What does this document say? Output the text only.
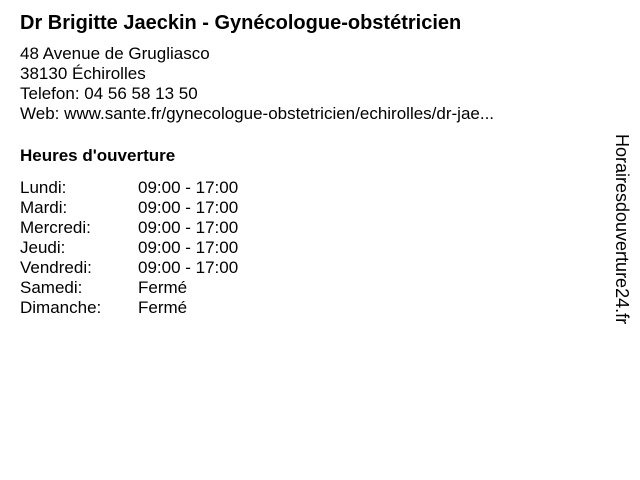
Dr Brigitte Jaeckin - Gynécologue-obstétricien
48 Avenue de Grugliasco
38130 Échirolles
Telefon: 04 56 58 13 50
Web: www.sante.fr/gynecologue-obstetricien/echirolles/dr-jae...
Heures d'ouverture
Lundi:	09:00 - 17:00
Mardi:	09:00 - 17:00
Mercredi:	09:00 - 17:00
Jeudi:	09:00 - 17:00
Vendredi:	09:00 - 17:00
Samedi:	Fermé
Dimanche:	Fermé	Horairesdouverture24.fr
